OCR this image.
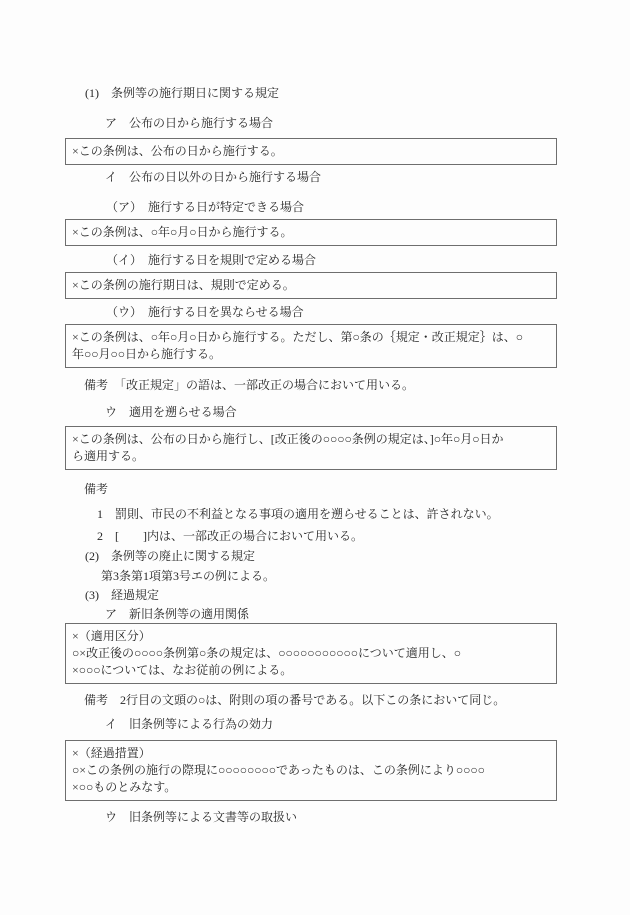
(1)　条例等の施行期日に関する規定
ア　公布の日から施行する場合
×この条例は、公布の日から施行する。
イ　公布の日以外の日から施行する場合
（ア）　施行する日が特定できる場合
×この条例は、○年○月○日から施行する。
（イ）　施行する日を規則で定める場合
×この条例の施行期日は、規則で定める。
（ウ）　施行する日を異ならせる場合
×この条例は、○年○月○日から施行する。ただし、第○条の｛規定・改正規定｝は、○
年○○月○○日から施行する。
備考　「改正規定」の語は、一部改正の場合において用いる。
ウ　適用を遡らせる場合
×この条例は、公布の日から施行し、[改正後の○○○○条例の規定は、]○年○月○日か
ら適用する。
備考
1　罰則、市民の不利益となる事項の適用を遡らせることは、許されない。
2　[　　]内は、一部改正の場合において用いる。
(2)　条例等の廃止に関する規定
第3条第1項第3号エの例による。
(3)　経過規定
ア　新旧条例等の適用関係
×（適用区分）
○×改正後の○○○○条例第○条の規定は、○○○○○○○○○○○について適用し、○
×○○○については、なお従前の例による。
備考　2行目の文頭の○は、附則の項の番号である。以下この条において同じ。
イ　旧条例等による行為の効力
×（経過措置）
○×この条例の施行の際現に○○○○○○○○であったものは、この条例により○○○○
×○○ものとみなす。
ウ　旧条例等による文書等の取扱い
